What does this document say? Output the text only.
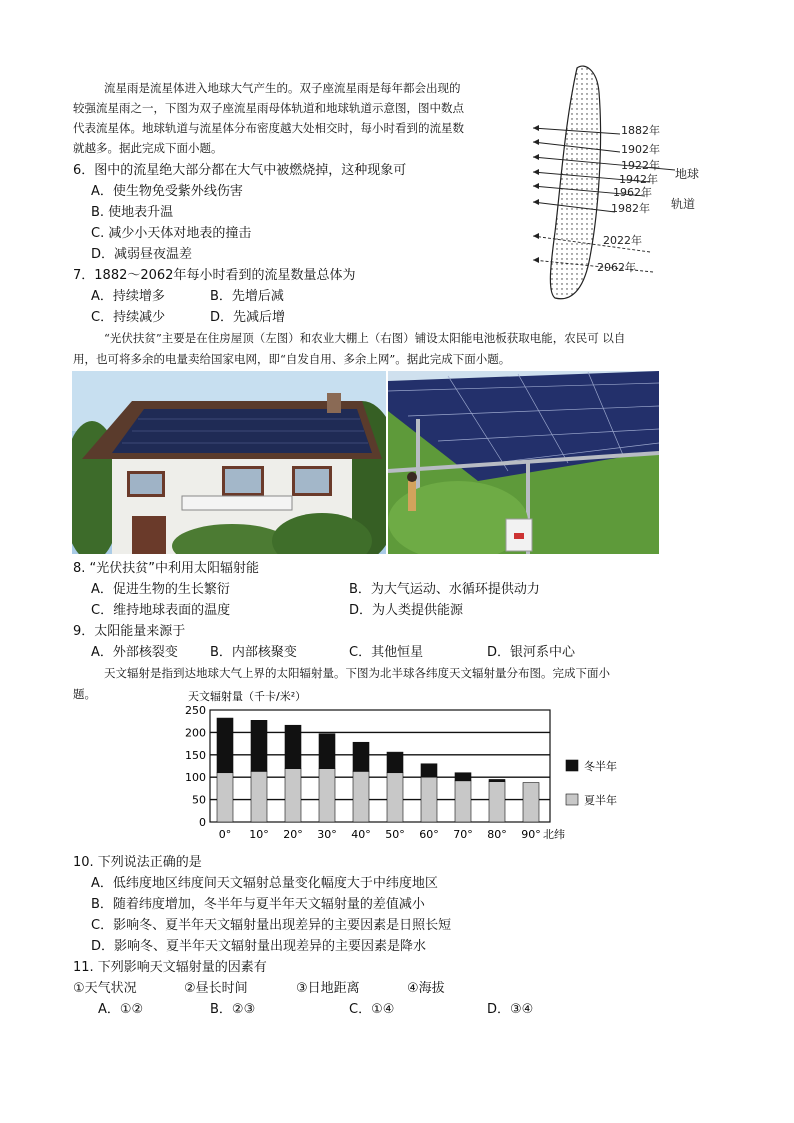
流星雨是流星体进入地球大气产生的。双子座流星雨是每年都会出现的
较强流星雨之一，下图为双子座流星雨母体轨道和地球轨道示意图，图中数点
代表流星体。地球轨道与流星体分布密度越大处相交时，每小时看到的流星数
就越多。据此完成下面小题。
1882年
1902年
1922年
1942年
1962年
1982年
2022年
2062年
地球
轨道
6．图中的流星绝大部分都在大气中被燃烧掉，这种现象可
A．使生物免受紫外线伤害
B. 使地表升温
C. 减少小天体对地表的撞击
D．减弱昼夜温差
7．1882～2062年每小时看到的流星数量总体为
A．持续增多	B．先增后减
C．持续减少	D．先减后增
“光伏扶贫”主要是在住房屋顶（左图）和农业大棚上（右图）铺设太阳能电池板获取电能，农民可 以自
用，也可将多余的电量卖给国家电网，即“自发自用、多余上网”。据此完成下面小题。
8. “光伏扶贫”中利用太阳辐射能
A．促进生物的生长繁衍	B．为大气运动、水循环提供动力
C．维持地球表面的温度	D．为人类提供能源
9．太阳能量来源于
A．外部核裂变 B．内部核聚变	C．其他恒星	D．银河系中心
天文辐射是指到达地球大气上界的太阳辐射量。下图为北半球各纬度天文辐射量分布图。完成下面小
题。	天文辐射量（千卡/米²）
250
200
150
100
50
0
0° 10° 20° 30° 40° 50° 60° 70° 80° 90° 北纬
冬半年
夏半年
10. 下列说法正确的是
A．低纬度地区纬度间天文辐射总量变化幅度大于中纬度地区
B．随着纬度增加，冬半年与夏半年天文辐射量的差值减小
C．影响冬、夏半年天文辐射量出现差异的主要因素是日照长短
D．影响冬、夏半年天文辐射量出现差异的主要因素是降水
11. 下列影响天文辐射量的因素有
①天气状况	②昼长时间	③日地距离	④海拔
A．①②	B．②③	C．①④	D．③④
